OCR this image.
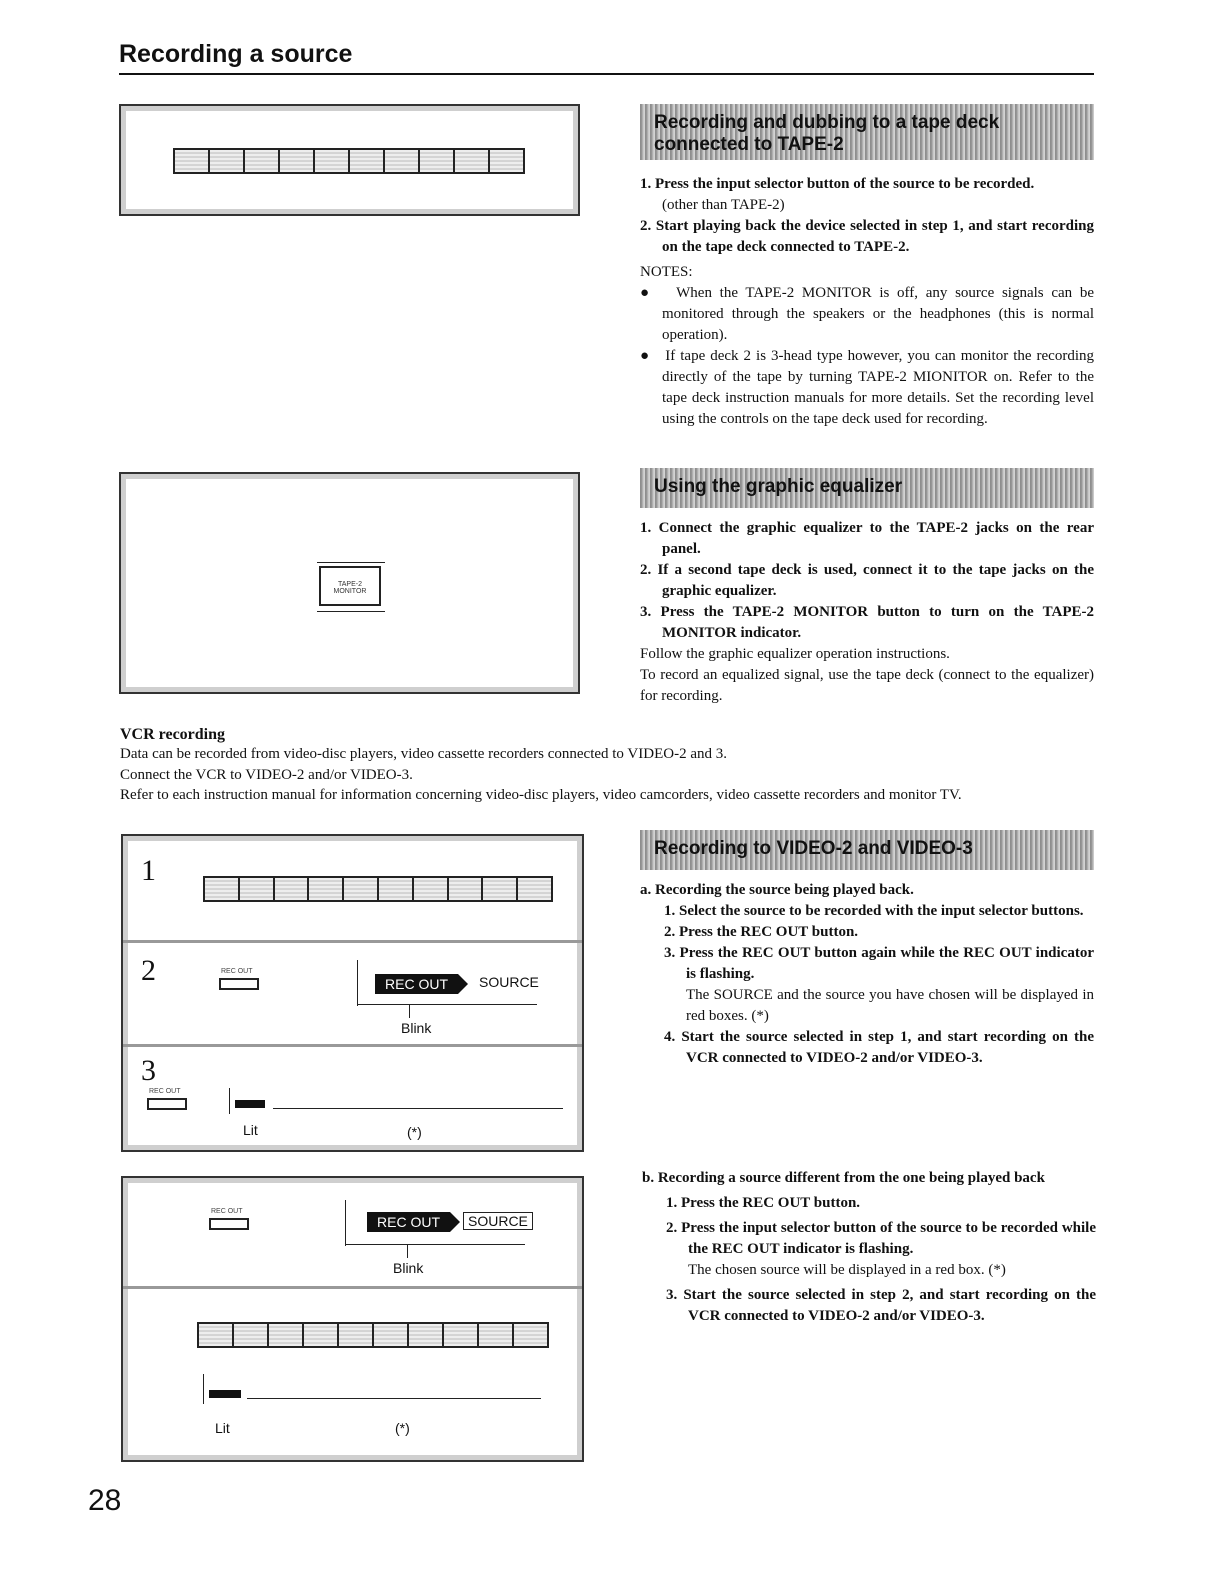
Recording a source
Recording and dubbing to a tape deck connected to TAPE-2
1. Press the input selector button of the source to be recorded.
(other than TAPE-2)
2. Start playing back the device selected in step 1, and start recording on the tape deck connected to TAPE-2.
NOTES:
●   When the TAPE-2 MONITOR is off, any source signals can be monitored through the speakers or the headphones (this is normal operation).
●   If tape deck 2 is 3-head type however, you can monitor the recording directly of the tape by turning TAPE-2 MIONITOR on. Refer to the tape deck instruction manuals for more details. Set the recording level using the controls on the tape deck used for recording.
TAPE-2 MONITOR
Using the graphic equalizer
1. Connect the graphic equalizer to the TAPE-2 jacks on the rear panel.
2. If a second tape deck is used, connect it to the tape jacks on the graphic equalizer.
3. Press the TAPE-2 MONITOR button to turn on the TAPE-2 MONITOR indicator.
Follow the graphic equalizer operation instructions.
To record an equalized signal, use the tape deck (connect to the equalizer) for recording.
VCR recording
Data can be recorded from video-disc players, video cassette recorders connected to VIDEO-2 and 3.
Connect the VCR to VIDEO-2 and/or VIDEO-3.
Refer to each instruction manual for information concerning video-disc players, video camcorders, video cassette recorders and monitor TV.
1
2	REC OUT
REC OUT	SOURCE
Blink
3
REC OUT
Lit	(*)
Recording to VIDEO-2 and VIDEO-3
a. Recording the source being played back.
1. Select the source to be recorded with the input selector buttons.
2. Press the REC OUT button.
3. Press the REC OUT button again while the REC OUT indicator is flashing.
The SOURCE and the source you have chosen will be displayed in red boxes. (*)
4. Start the source selected in step 1, and start recording on the VCR connected to VIDEO-2 and/or VIDEO-3.
REC OUT
REC OUT	SOURCE
Blink
Lit	(*)
b. Recording a source different from the one being played back
1. Press the REC OUT button.
2. Press the input selector button of the source to be recorded while the REC OUT indicator is flashing.
The chosen source will be displayed in a red box. (*)
3. Start the source selected in step 2, and start recording on the VCR connected to VIDEO-2 and/or VIDEO-3.
28
